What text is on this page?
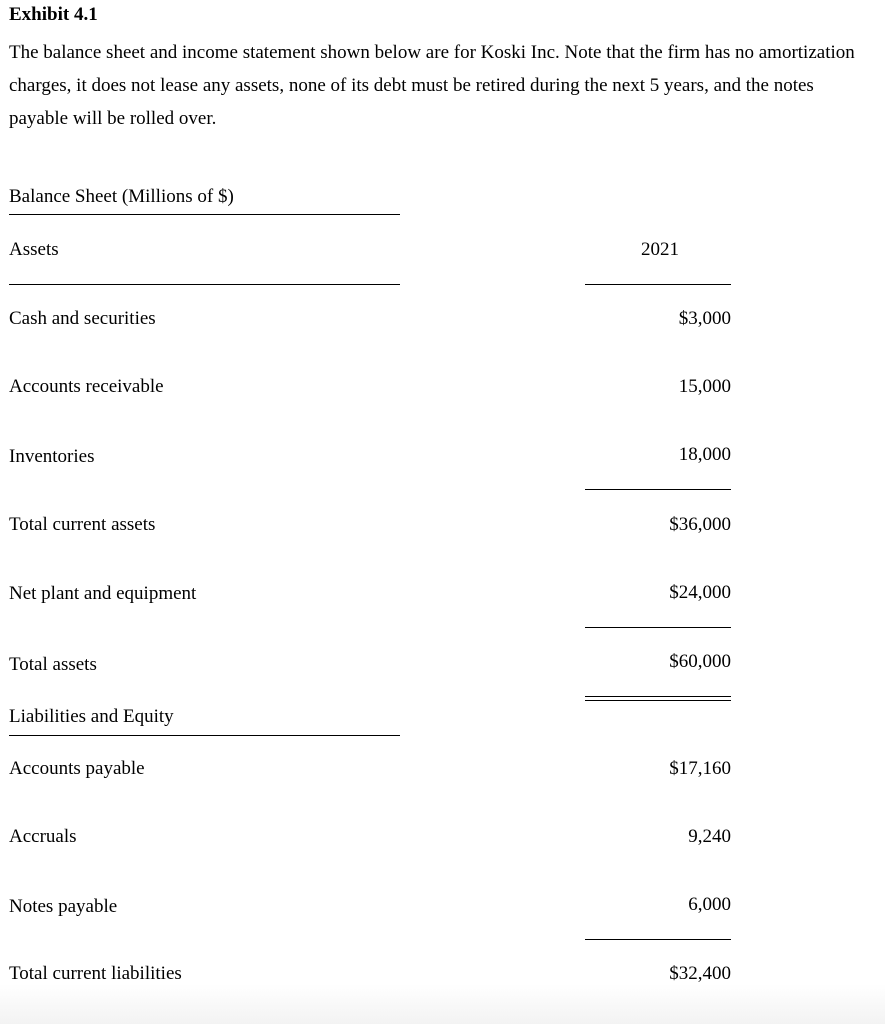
Exhibit 4.1
The balance sheet and income statement shown below are for Koski Inc. Note that the firm has no amortization charges, it does not lease any assets, none of its debt must be retired during the next 5 years, and the notes payable will be rolled over.
Balance Sheet (Millions of $)
Assets	2021
Cash and securities	$3,000
Accounts receivable	15,000
Inventories	18,000
Total current assets	$36,000
Net plant and equipment	$24,000
Total assets	$60,000
Liabilities and Equity
Accounts payable	$17,160
Accruals	9,240
Notes payable	6,000
Total current liabilities	$32,400
